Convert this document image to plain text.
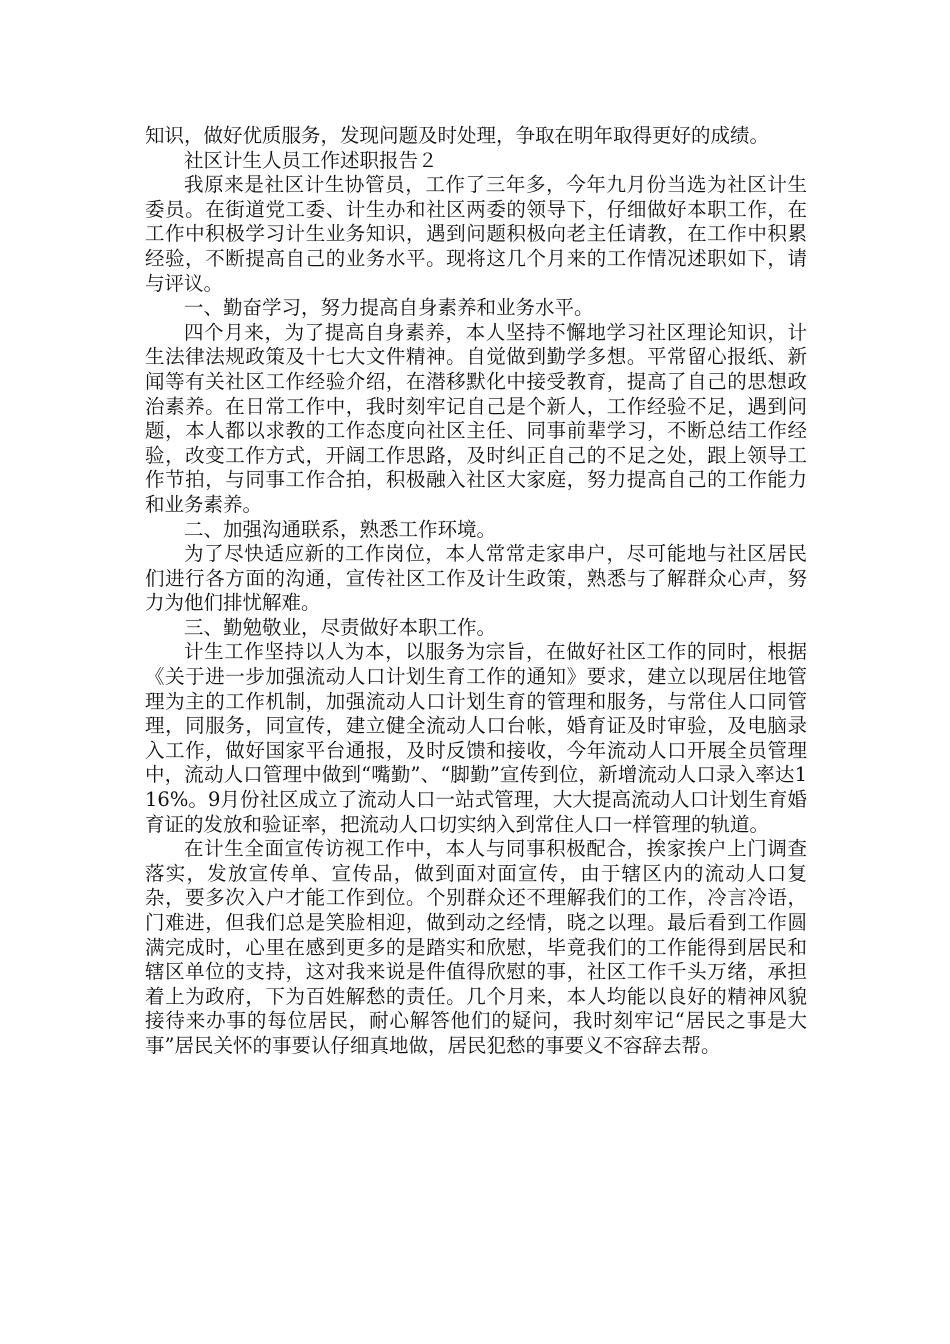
知识，做好优质服务，发现问题及时处理，争取在明年取得更好的成绩。

社区计生人员工作述职报告２

我原来是社区计生协管员，工作了三年多，今年九月份当选为社区计生委员。在街道党工委、计生办和社区两委的领导下，仔细做好本职工作，在工作中积极学习计生业务知识，遇到问题积极向老主任请教，在工作中积累经验，不断提高自己的业务水平。现将这几个月来的工作情况述职如下，请与评议。

一、勤奋学习，努力提高自身素养和业务水平。

四个月来，为了提高自身素养，本人坚持不懈地学习社区理论知识，计生法律法规政策及十七大文件精神。自觉做到勤学多想。平常留心报纸、新闻等有关社区工作经验介绍，在潜移默化中接受教育，提高了自己的思想政治素养。在日常工作中，我时刻牢记自己是个新人，工作经验不足，遇到问题，本人都以求教的工作态度向社区主任、同事前辈学习，不断总结工作经验，改变工作方式，开阔工作思路，及时纠正自己的不足之处，跟上领导工作节拍，与同事工作合拍，积极融入社区大家庭，努力提高自己的工作能力和业务素养。

二、加强沟通联系，熟悉工作环境。

为了尽快适应新的工作岗位，本人常常走家串户，尽可能地与社区居民们进行各方面的沟通，宣传社区工作及计生政策，熟悉与了解群众心声，努力为他们排忧解难。

三、勤勉敬业，尽责做好本职工作。

计生工作坚持以人为本，以服务为宗旨，在做好社区工作的同时，根据《关于进一步加强流动人口计划生育工作的通知》要求，建立以现居住地管理为主的工作机制，加强流动人口计划生育的管理和服务，与常住人口同管理，同服务，同宣传，建立健全流动人口台帐，婚育证及时审验，及电脑录入工作，做好国家平台通报，及时反馈和接收，今年流动人口开展全员管理中，流动人口管理中做到“嘴勤”、“脚勤”宣传到位，新增流动人口录入率达116%。9月份社区成立了流动人口一站式管理，大大提高流动人口计划生育婚育证的发放和验证率，把流动人口切实纳入到常住人口一样管理的轨道。

在计生全面宣传访视工作中，本人与同事积极配合，挨家挨户上门调查落实，发放宣传单、宣传品，做到面对面宣传，由于辖区内的流动人口复杂，要多次入户才能工作到位。个别群众还不理解我们的工作，冷言冷语，门难进，但我们总是笑脸相迎，做到动之经情，晓之以理。最后看到工作圆满完成时，心里在感到更多的是踏实和欣慰，毕竟我们的工作能得到居民和辖区单位的支持，这对我来说是件值得欣慰的事，社区工作千头万绪，承担着上为政府，下为百姓解愁的责任。几个月来，本人均能以良好的精神风貌接待来办事的每位居民，耐心解答他们的疑问，我时刻牢记“居民之事是大事”居民关怀的事要认仔细真地做，居民犯愁的事要义不容辞去帮。
